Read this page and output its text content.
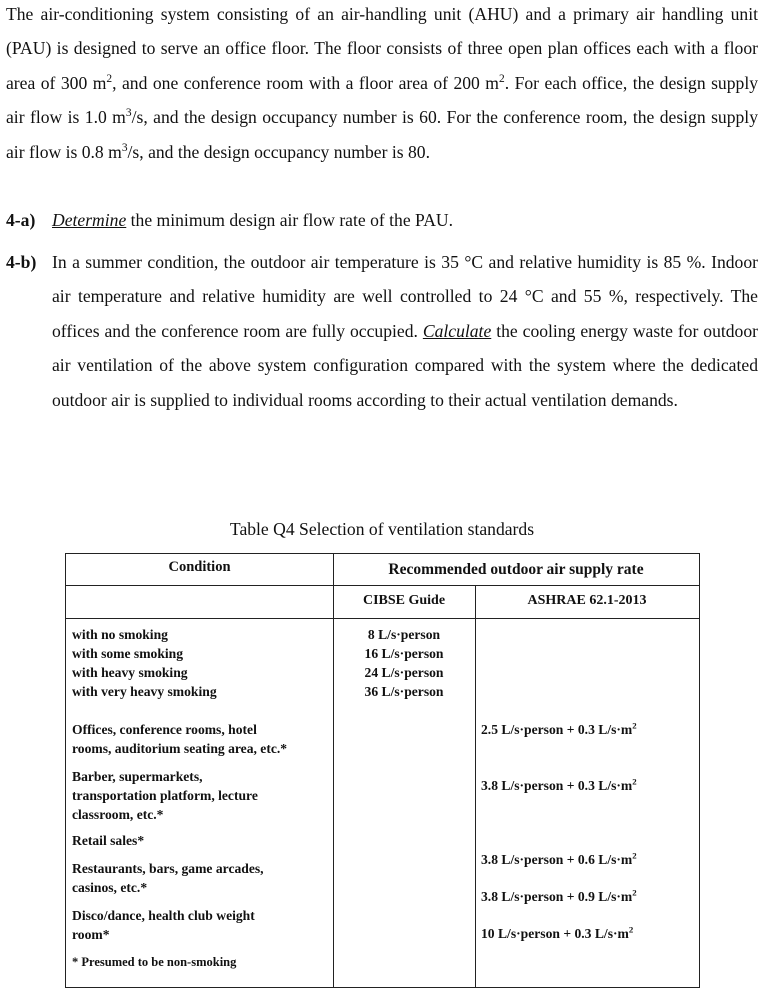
The air-conditioning system consisting of an air-handling unit (AHU) and a primary air handling unit (PAU) is designed to serve an office floor. The floor consists of three open plan offices each with a floor area of 300 $m^2$, and one conference room with a floor area of 200 $m^2$. For each office, the design supply air flow is 1.0 $m^3/s$, and the design occupancy number is 60. For the conference room, the design supply air flow is 0.8 $m^3/s$, and the design occupancy number is 80.
4-a) Determine the minimum design air flow rate of the PAU.
4-b) In a summer condition, the outdoor air temperature is 35 °C and relative humidity is 85 %. Indoor air temperature and relative humidity are well controlled to 24 °C and 55 %, respectively. The offices and the conference room are fully occupied. Calculate the cooling energy waste for outdoor air ventilation of the above system configuration compared with the system where the dedicated outdoor air is supplied to individual rooms according to their actual ventilation demands.
Table Q4 Selection of ventilation standards
Condition	Recommended outdoor air supply rate
CIBSE Guide	ASHRAE 62.1-2013
with no smoking
with some smoking
with heavy smoking
with very heavy smoking
8 L/s·person
16 L/s·person
24 L/s·person
36 L/s·person
Offices, conference rooms, hotel
rooms, auditorium seating area, etc.*
Barber, supermarkets,
transportation platform, lecture
classroom, etc.*
Retail sales*
Restaurants, bars, game arcades,
casinos, etc.*
Disco/dance, health club weight
room*
* Presumed to be non-smoking
2.5 L/s·person + 0.3 $L/s\cdot m^2$
3.8 L/s·person + 0.3 $L/s\cdot m^2$
3.8 L/s·person + 0.6 $L/s\cdot m^2$
3.8 L/s·person + 0.9 $L/s\cdot m^2$
10 L/s·person + 0.3 $L/s\cdot m^2$
